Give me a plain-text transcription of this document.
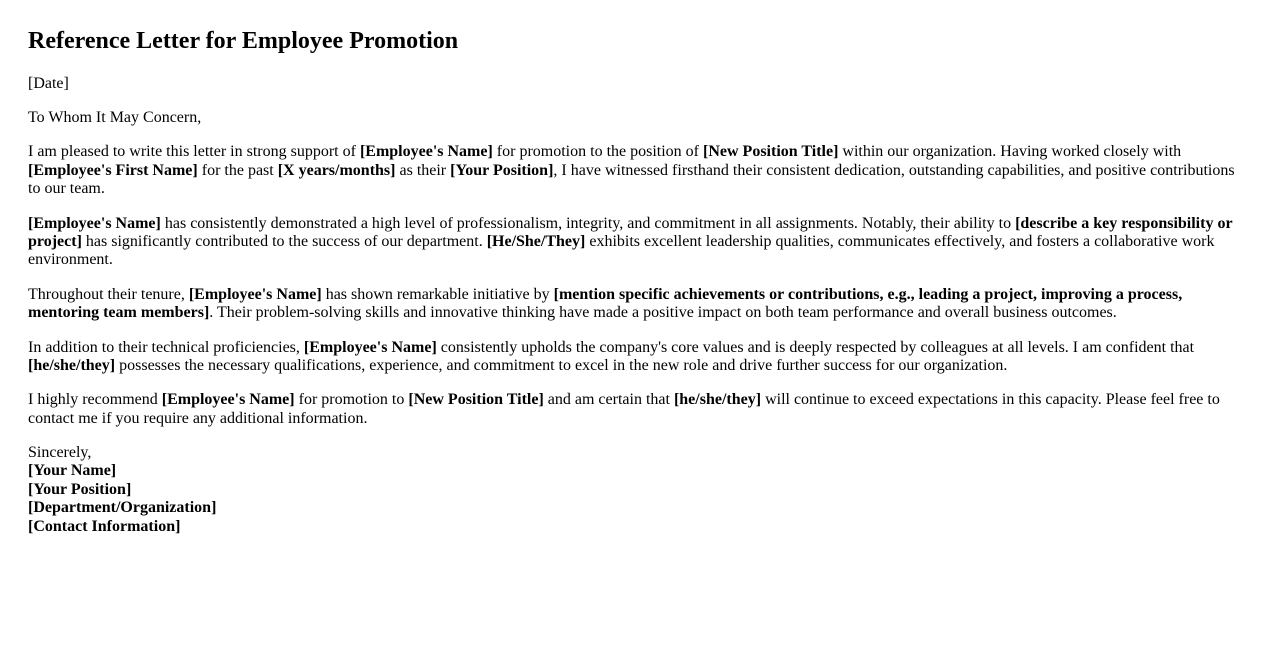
Reference Letter for Employee Promotion

[Date]

To Whom It May Concern,

I am pleased to write this letter in strong support of [Employee's Name] for promotion to the position of [New Position Title] within our organization. Having worked closely with [Employee's First Name] for the past [X years/months] as their [Your Position], I have witnessed firsthand their consistent dedication, outstanding capabilities, and positive contributions to our team.

[Employee's Name] has consistently demonstrated a high level of professionalism, integrity, and commitment in all assignments. Notably, their ability to [describe a key responsibility or project] has significantly contributed to the success of our department. [He/She/They] exhibits excellent leadership qualities, communicates effectively, and fosters a collaborative work environment.

Throughout their tenure, [Employee's Name] has shown remarkable initiative by [mention specific achievements or contributions, e.g., leading a project, improving a process, mentoring team members]. Their problem-solving skills and innovative thinking have made a positive impact on both team performance and overall business outcomes.

In addition to their technical proficiencies, [Employee's Name] consistently upholds the company's core values and is deeply respected by colleagues at all levels. I am confident that [he/she/they] possesses the necessary qualifications, experience, and commitment to excel in the new role and drive further success for our organization.

I highly recommend [Employee's Name] for promotion to [New Position Title] and am certain that [he/she/they] will continue to exceed expectations in this capacity. Please feel free to contact me if you require any additional information.

Sincerely,
[Your Name]
[Your Position]
[Department/Organization]
[Contact Information]
